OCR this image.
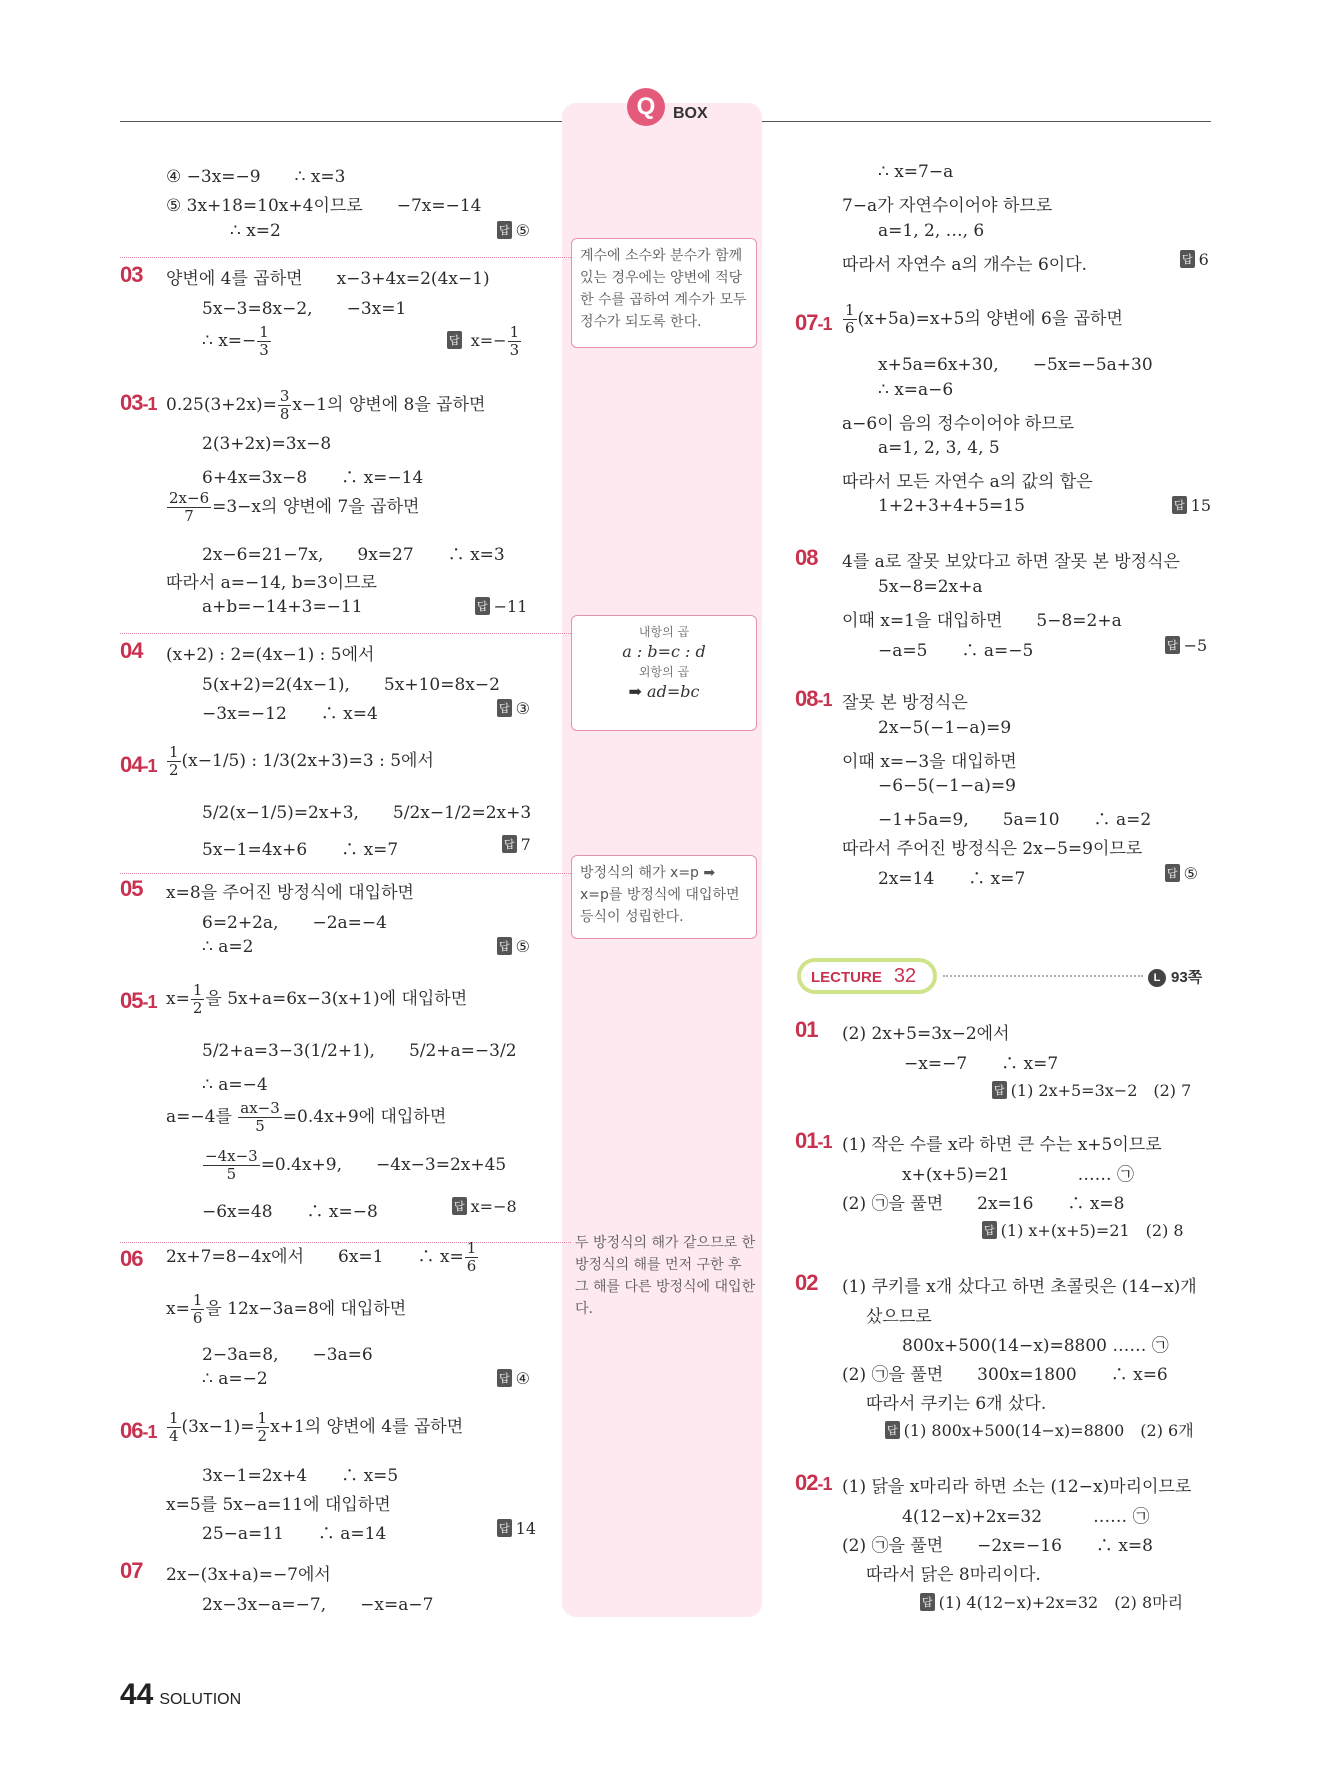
Q	BOX
계수에 소수와 분수가 함께 있는 경우에는 양변에 적당한 수를 곱하여 계수가 모두 정수가 되도록 한다.
내항의 곱
a : b=c : d
외항의 곱
➡ ad=bc
방정식의 해가 x=p ➡ x=p를 방정식에 대입하면 등식이 성립한다.
두 방정식의 해가 같으므로 한 방정식의 해를 먼저 구한 후 그 해를 다른 방정식에 대입한다.
④ −3x=−9　　∴ x=3
⑤ 3x+18=10x+4이므로　　−7x=−14
∴ x=2	답 ⑤
03 양변에 4를 곱하면　　x−3+4x=2(4x−1)
5x−3=8x−2,　　−3x=1
∴ $x=- \frac{1}{3}$	답 $x=- \frac{1}{3}$
03-1 $0.25(3+2x)= \frac{3}{8} x-1$의 양변에 8을 곱하면
2(3+2x)=3x−8
6+4x=3x−8　　∴ x=−14
$\frac{2x-6}{7} =3-x$의 양변에 7을 곱하면
2x−6=21−7x,　　9x=27　　∴ x=3
따라서 a=−14, b=3이므로
a+b=−14+3=−11	답 −11
04 (x+2) : 2=(4x−1) : 5에서
5(x+2)=2(4x−1),　　5x+10=8x−2
−3x=−12　　∴ x=4	답 ③
$04-1 \frac{1}{2} (x-1/5)$ : 1/3(2x+3)=3 : 5에서
5/2(x−1/5)=2x+3,　　5/2x−1/2=2x+3
5x−1=4x+6　　∴ x=7	답 7
05 x=8을 주어진 방정식에 대입하면
6=2+2a,　　−2a=−4
∴ a=2	답 ⑤
05-1 $x= \frac{1}{2}$ 을 5x+a=6x−3(x+1)에 대입하면
5/2+a=3−3(1/2+1),　　5/2+a=−3/2
∴ a=−4
a=−4를 $\frac{ax-3}{5} =0.4x+9$에 대입하면
$\frac{-4x-3}{5} =0.4x+9$,　　−4x−3=2x+45
−6x=48　　∴ x=−8	답 x=−8
06 2x+7=8−4x에서　　6x=1　　∴ $x= \frac{1}{6}$
$x= \frac{1}{6}$ 을 12x−3a=8에 대입하면
2−3a=8,　　−3a=6
∴ a=−2	답 ④
$06-1 \frac{1}{4} (3x-1)= \frac{1}{2} x+1$의 양변에 4를 곱하면
3x−1=2x+4　　∴ x=5
x=5를 5x−a=11에 대입하면
25−a=11　　∴ a=14	답 14
07 2x−(3x+a)=−7에서
2x−3x−a=−7,　　−x=a−7
∴ x=7−a
7−a가 자연수이어야 하므로
a=1, 2, …, 6
따라서 자연수 a의 개수는 6이다.	답 6
$07-1 \frac{1}{6} (x+5a)=x+5$의 양변에 6을 곱하면
x+5a=6x+30,　　−5x=−5a+30
∴ x=a−6
a−6이 음의 정수이어야 하므로
a=1, 2, 3, 4, 5
따라서 모든 자연수 a의 값의 합은
1+2+3+4+5=15	답 15
08 4를 a로 잘못 보았다고 하면 잘못 본 방정식은
5x−8=2x+a
이때 x=1을 대입하면　　5−8=2+a
−a=5　　∴ a=−5	답 −5
08-1 잘못 본 방정식은
2x−5(−1−a)=9
이때 x=−3을 대입하면
−6−5(−1−a)=9
−1+5a=9,　　5a=10　　∴ a=2
따라서 주어진 방정식은 2x−5=9이므로
2x=14　　∴ x=7	답 ⑤
LECTURE 32	L 93쪽
01 (2) 2x+5=3x−2에서
−x=−7　　∴ x=7
답 (1) 2x+5=3x−2　(2) 7
01-1 (1) 작은 수를 x라 하면 큰 수는 x+5이므로
x+(x+5)=21　　　　…… ㉠
(2) ㉠을 풀면　　2x=16　　∴ x=8
답 (1) x+(x+5)=21　(2) 8
02 (1) 쿠키를 x개 샀다고 하면 초콜릿은 (14−x)개
샀으므로
800x+500(14−x)=8800 …… ㉠
(2) ㉠을 풀면　　300x=1800　　∴ x=6
따라서 쿠키는 6개 샀다.
답 (1) 800x+500(14−x)=8800　(2) 6개
02-1 (1) 닭을 x마리라 하면 소는 (12−x)마리이므로
4(12−x)+2x=32　　　…… ㉠
(2) ㉠을 풀면　　−2x=−16　　∴ x=8
따라서 닭은 8마리이다.
답 (1) 4(12−x)+2x=32　(2) 8마리
44 SOLUTION
